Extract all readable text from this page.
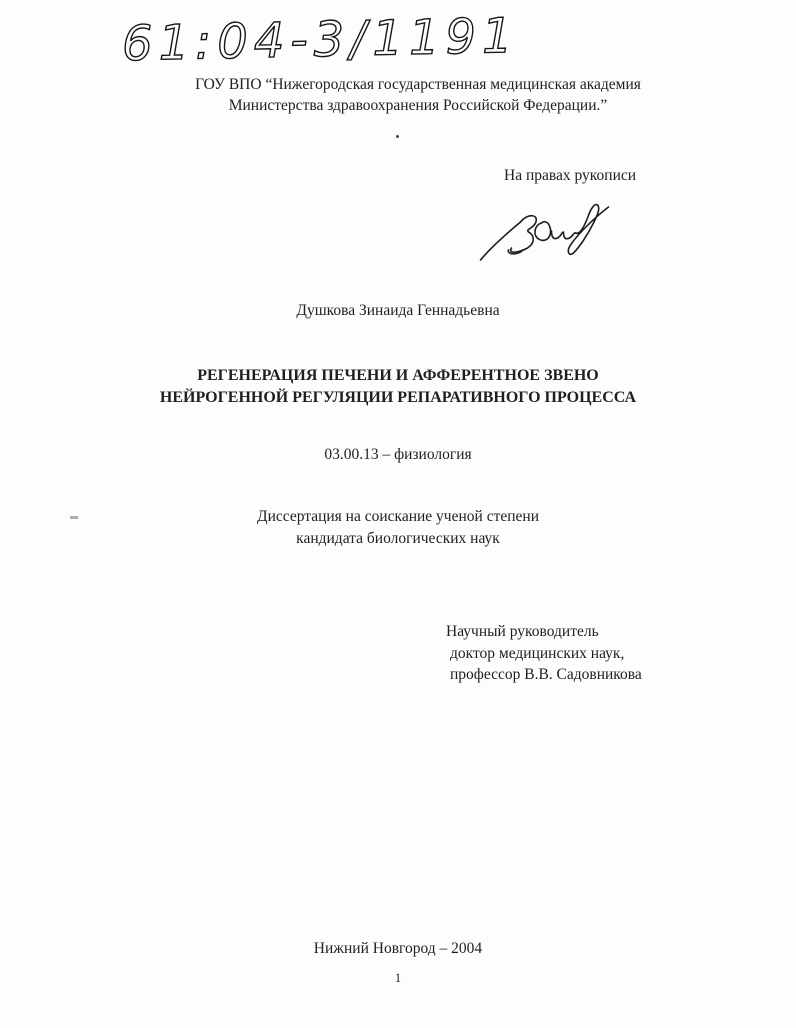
61:04-3/1191
ГОУ ВПО “Нижегородская государственная медицинская академия
Министерства здравоохранения Российской Федерации.”
На правах рукописи
Душкова Зинаида Геннадьевна
РЕГЕНЕРАЦИЯ ПЕЧЕНИ И АФФЕРЕНТНОЕ ЗВЕНО
НЕЙРОГЕННОЙ РЕГУЛЯЦИИ РЕПАРАТИВНОГО ПРОЦЕССА
03.00.13 – физиология
Диссертация на соискание ученой степени
кандидата биологических наук
Научный руководитель
доктор медицинских наук,
профессор В.В. Садовникова
Нижний Новгород – 2004
1
